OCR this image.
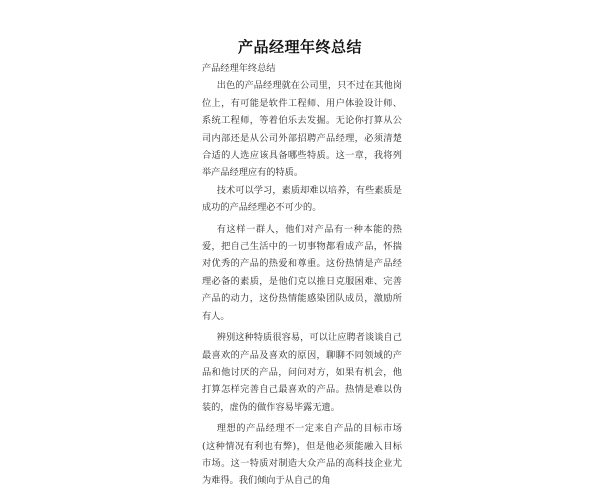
产品经理年终总结

产品经理年终总结

出色的产品经理就在公司里，只不过在其他岗位上，有可能是软件工程师、用户体验设计师、系统工程师，等着伯乐去发掘。无论你打算从公司内部还是从公司外部招聘产品经理，必须清楚合适的人选应该具备哪些特质。这一章，我将列举产品经理应有的特质。

技术可以学习，素质却难以培养，有些素质是成功的产品经理必不可少的。

有这样一群人，他们对产品有一种本能的热爱，把自己生活中的一切事物都看成产品，怀揣对优秀的产品的热爱和尊重。这份热情是产品经理必备的素质，是他们克以推日克服困难、完善产品的动力，这份热情能感染团队成员，激励所有人。

辨别这种特质很容易，可以让应聘者谈谈自己最喜欢的产品及喜欢的原因，聊聊不同领域的产品和他讨厌的产品，问问对方，如果有机会，他打算怎样完善自己最喜欢的产品。热情是难以伪装的，虚伪的做作容易毕露无遗。

理想的产品经理不一定来自产品的目标市场(这种情况有利也有弊)，但是他必须能融入目标市场。这一特质对制造大众产品的高科技企业尤为难得。我们倾向于从自己的角
